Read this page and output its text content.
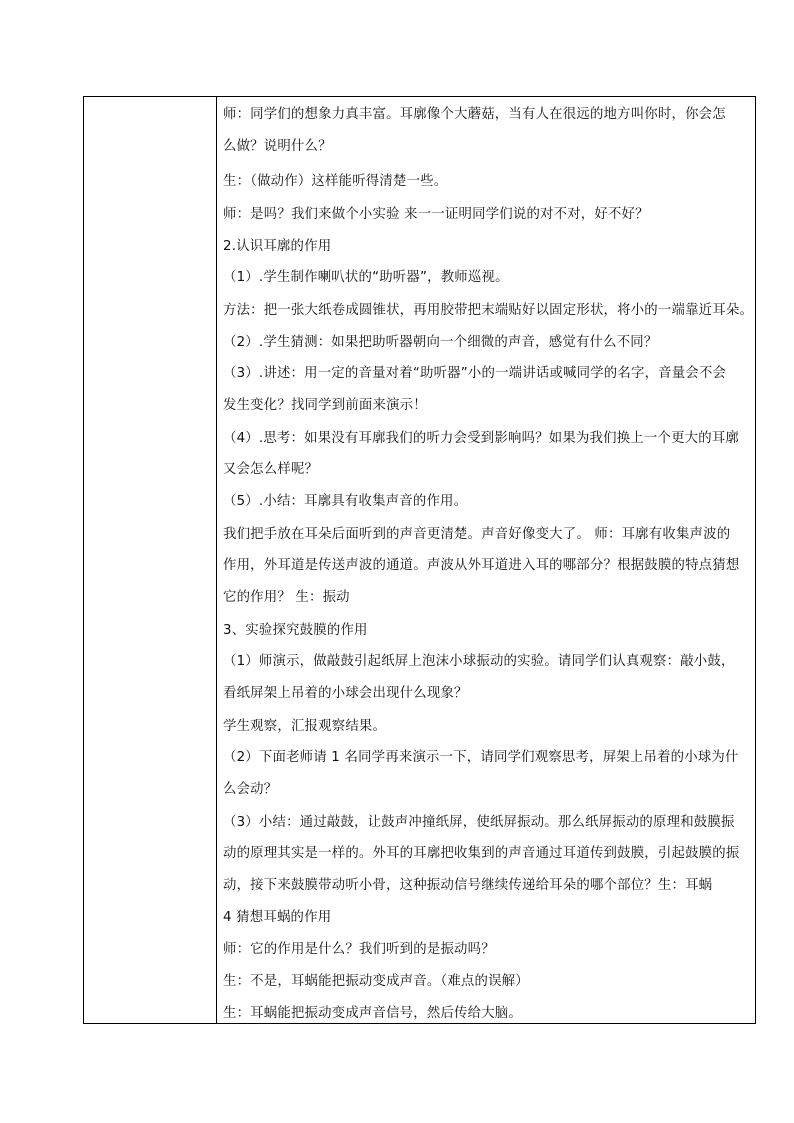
师：同学们的想象力真丰富。耳廓像个大蘑菇，当有人在很远的地方叫你时，你会怎
么做？说明什么？
生：（做动作）这样能听得清楚一些。
师：是吗？我们来做个小实验 来一一证明同学们说的对不对，好不好？
2.认识耳廓的作用
（1）.学生制作喇叭状的“助听器”，教师巡视。
方法：把一张大纸卷成圆锥状，再用胶带把末端贴好以固定形状，将小的一端靠近耳朵。
（2）.学生猜测：如果把助听器朝向一个细微的声音，感觉有什么不同？
（3）.讲述：用一定的音量对着“助听器”小的一端讲话或喊同学的名字，音量会不会
发生变化？找同学到前面来演示！
（4）.思考：如果没有耳廓我们的听力会受到影响吗？如果为我们换上一个更大的耳廓
又会怎么样呢？
（5）.小结：耳廓具有收集声音的作用。
我们把手放在耳朵后面听到的声音更清楚。声音好像变大了。 师：耳廓有收集声波的
作用，外耳道是传送声波的通道。声波从外耳道进入耳的哪部分？根据鼓膜的特点猜想
它的作用？ 生：振动
3、实验探究鼓膜的作用
（1）师演示，做敲鼓引起纸屏上泡沫小球振动的实验。请同学们认真观察：敲小鼓，
看纸屏架上吊着的小球会出现什么现象？
学生观察，汇报观察结果。
（2）下面老师请 1 名同学再来演示一下，请同学们观察思考，屏架上吊着的小球为什
么会动？
（3）小结：通过敲鼓，让鼓声冲撞纸屏，使纸屏振动。那么纸屏振动的原理和鼓膜振
动的原理其实是一样的。外耳的耳廓把收集到的声音通过耳道传到鼓膜，引起鼓膜的振
动，接下来鼓膜带动听小骨，这种振动信号继续传递给耳朵的哪个部位？生：耳蜗
4 猜想耳蜗的作用
师：它的作用是什么？我们听到的是振动吗？
生：不是，耳蜗能把振动变成声音。（难点的误解）
生：耳蜗能把振动变成声音信号，然后传给大脑。
